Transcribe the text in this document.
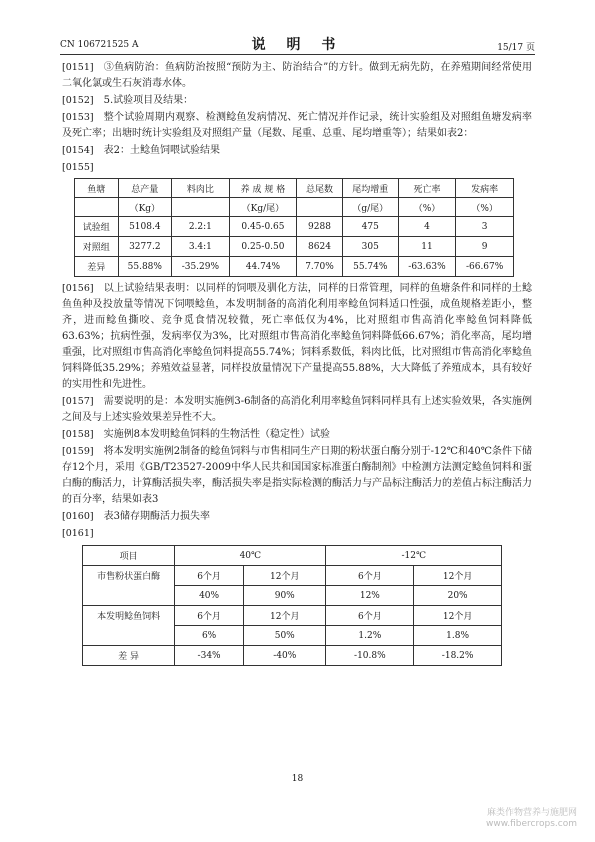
CN 106721525 A	说 明 书	15/17 页

[0151] ③鱼病防治：鱼病防治按照“预防为主、防治结合”的方针。做到无病先防，在养殖期间经常使用二氧化氯或生石灰消毒水体。

[0152] 5.试验项目及结果：

[0153] 整个试验周期内观察、检测鲶鱼发病情况、死亡情况并作记录，统计实验组及对照组鱼塘发病率及死亡率；出塘时统计实验组及对照组产量（尾数、尾重、总重、尾均增重等）；结果如表2：

[0154] 表2：土鲶鱼饲喂试验结果

[0155]
鱼塘	总产量	料肉比	养 成 规 格	总尾数	尾均增重	死亡率	发病率
	（Kg）		（Kg/尾）		（g/尾）	（%）	（%）
试验组	5108.4	2.2:1	0.45-0.65	9288	475	4	3
对照组	3277.2	3.4:1	0.25-0.50	8624	305	11	9
差异	55.88%	-35.29%	44.74%	7.70%	55.74%	-63.63%	-66.67%

[0156] 以上试验结果表明：以同样的饲喂及驯化方法，同样的日常管理，同样的鱼塘条件和同样的土鲶鱼鱼种及投放量等情况下饲喂鲶鱼，本发明制备的高消化利用率鲶鱼饲料适口性强，成鱼规格差距小，整齐，进而鲶鱼撕咬、竞争觅食情况较微，死亡率低仅为4%，比对照组市售高消化率鲶鱼饲料降低63.63%；抗病性强，发病率仅为3%，比对照组市售高消化率鲶鱼饲料降低66.67%；消化率高，尾均增重强，比对照组市售高消化率鲶鱼饲料提高55.74%；饲料系数低，料肉比低，比对照组市售高消化率鲶鱼饲料降低35.29%；养殖效益显著，同样投放量情况下产量提高55.88%，大大降低了养殖成本，具有较好的实用性和先进性。

[0157] 需要说明的是：本发明实施例3-6制备的高消化利用率鲶鱼饲料同样具有上述实验效果，各实施例之间及与上述实验效果差异性不大。

[0158] 实施例8本发明鲶鱼饲料的生物活性（稳定性）试验

[0159] 将本发明实施例2制备的鲶鱼饲料与市售相同生产日期的粉状蛋白酶分别于-12℃和40℃条件下储存12个月，采用《GB/T23527-2009中华人民共和国国家标准蛋白酶制剂》中检测方法测定鲶鱼饲料和蛋白酶的酶活力，计算酶活损失率，酶活损失率是指实际检测的酶活力与产品标注酶活力的差值占标注酶活力的百分率，结果如表3

[0160] 表3储存期酶活力损失率

[0161]
项目	40℃		-12℃	
市售粉状蛋白酶	6个月	12个月	6个月	12个月
	40%	90%	12%	20%
本发明鲶鱼饲料	6个月	12个月	6个月	12个月
	6%	50%	1.2%	1.8%
差 异	-34%	-40%	-10.8%	-18.2%
18
麻类作物营养与施肥网
www.fibercrops.com
